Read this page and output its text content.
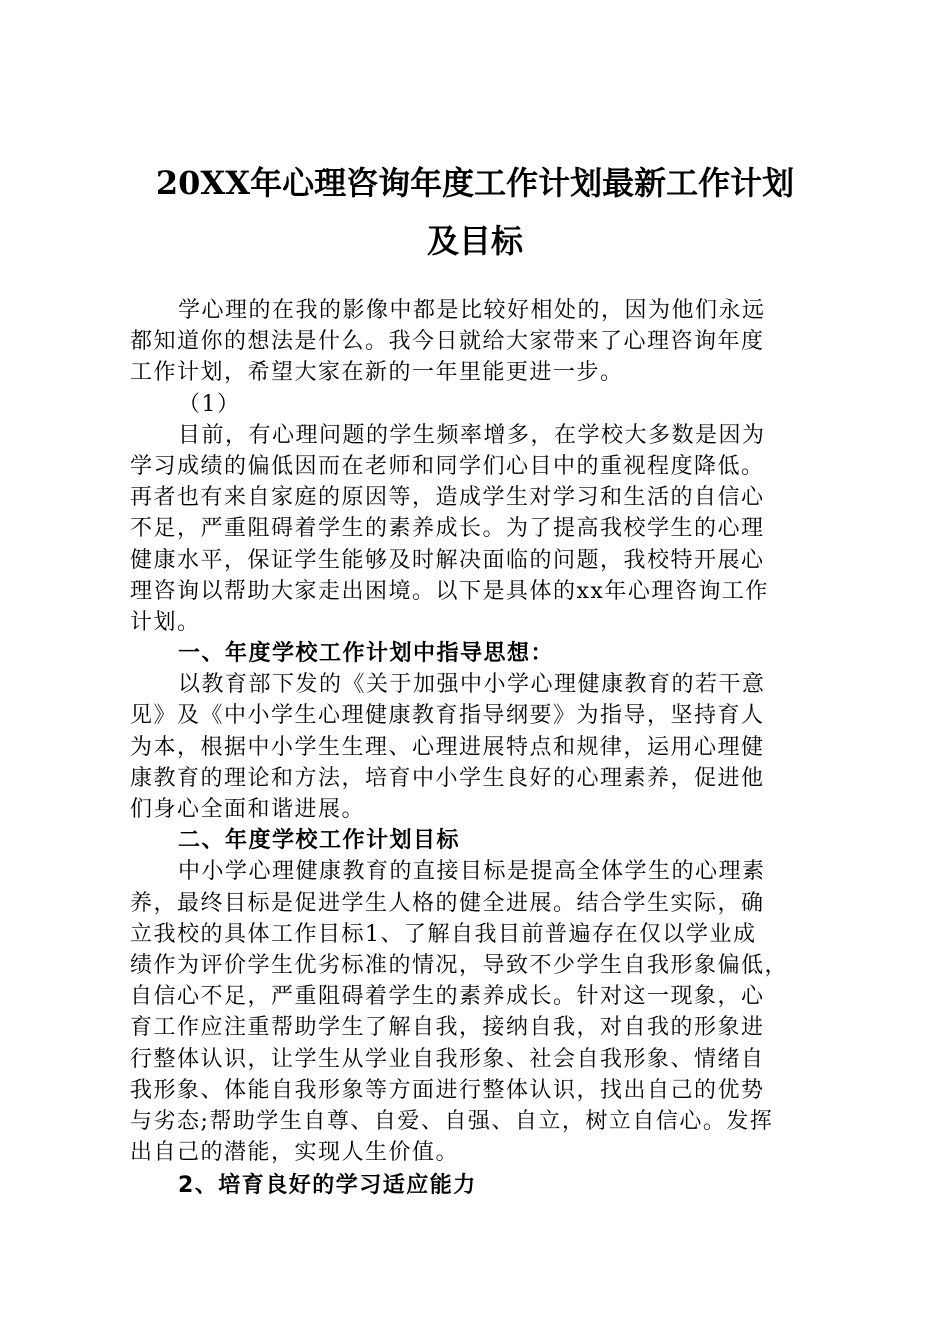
20XX年心理咨询年度工作计划最新工作计划
及目标
学心理的在我的影像中都是比较好相处的，因为他们永远
都知道你的想法是什么。我今日就给大家带来了心理咨询年度
工作计划，希望大家在新的一年里能更进一步。
（1）
目前，有心理问题的学生频率增多，在学校大多数是因为
学习成绩的偏低因而在老师和同学们心目中的重视程度降低。
再者也有来自家庭的原因等，造成学生对学习和生活的自信心
不足，严重阻碍着学生的素养成长。为了提高我校学生的心理
健康水平，保证学生能够及时解决面临的问题，我校特开展心
理咨询以帮助大家走出困境。以下是具体的xx年心理咨询工作
计划。
一、年度学校工作计划中指导思想：
以教育部下发的《关于加强中小学心理健康教育的若干意
见》及《中小学生心理健康教育指导纲要》为指导，坚持育人
为本，根据中小学生生理、心理进展特点和规律，运用心理健
康教育的理论和方法，培育中小学生良好的心理素养，促进他
们身心全面和谐进展。
二、年度学校工作计划目标
中小学心理健康教育的直接目标是提高全体学生的心理素
养，最终目标是促进学生人格的健全进展。结合学生实际，确
立我校的具体工作目标1、了解自我目前普遍存在仅以学业成
绩作为评价学生优劣标准的情况，导致不少学生自我形象偏低，
自信心不足，严重阻碍着学生的素养成长。针对这一现象，心
育工作应注重帮助学生了解自我，接纳自我，对自我的形象进
行整体认识，让学生从学业自我形象、社会自我形象、情绪自
我形象、体能自我形象等方面进行整体认识，找出自己的优势
与劣态;帮助学生自尊、自爱、自强、自立，树立自信心。发挥
出自己的潜能，实现人生价值。
2、培育良好的学习适应能力
